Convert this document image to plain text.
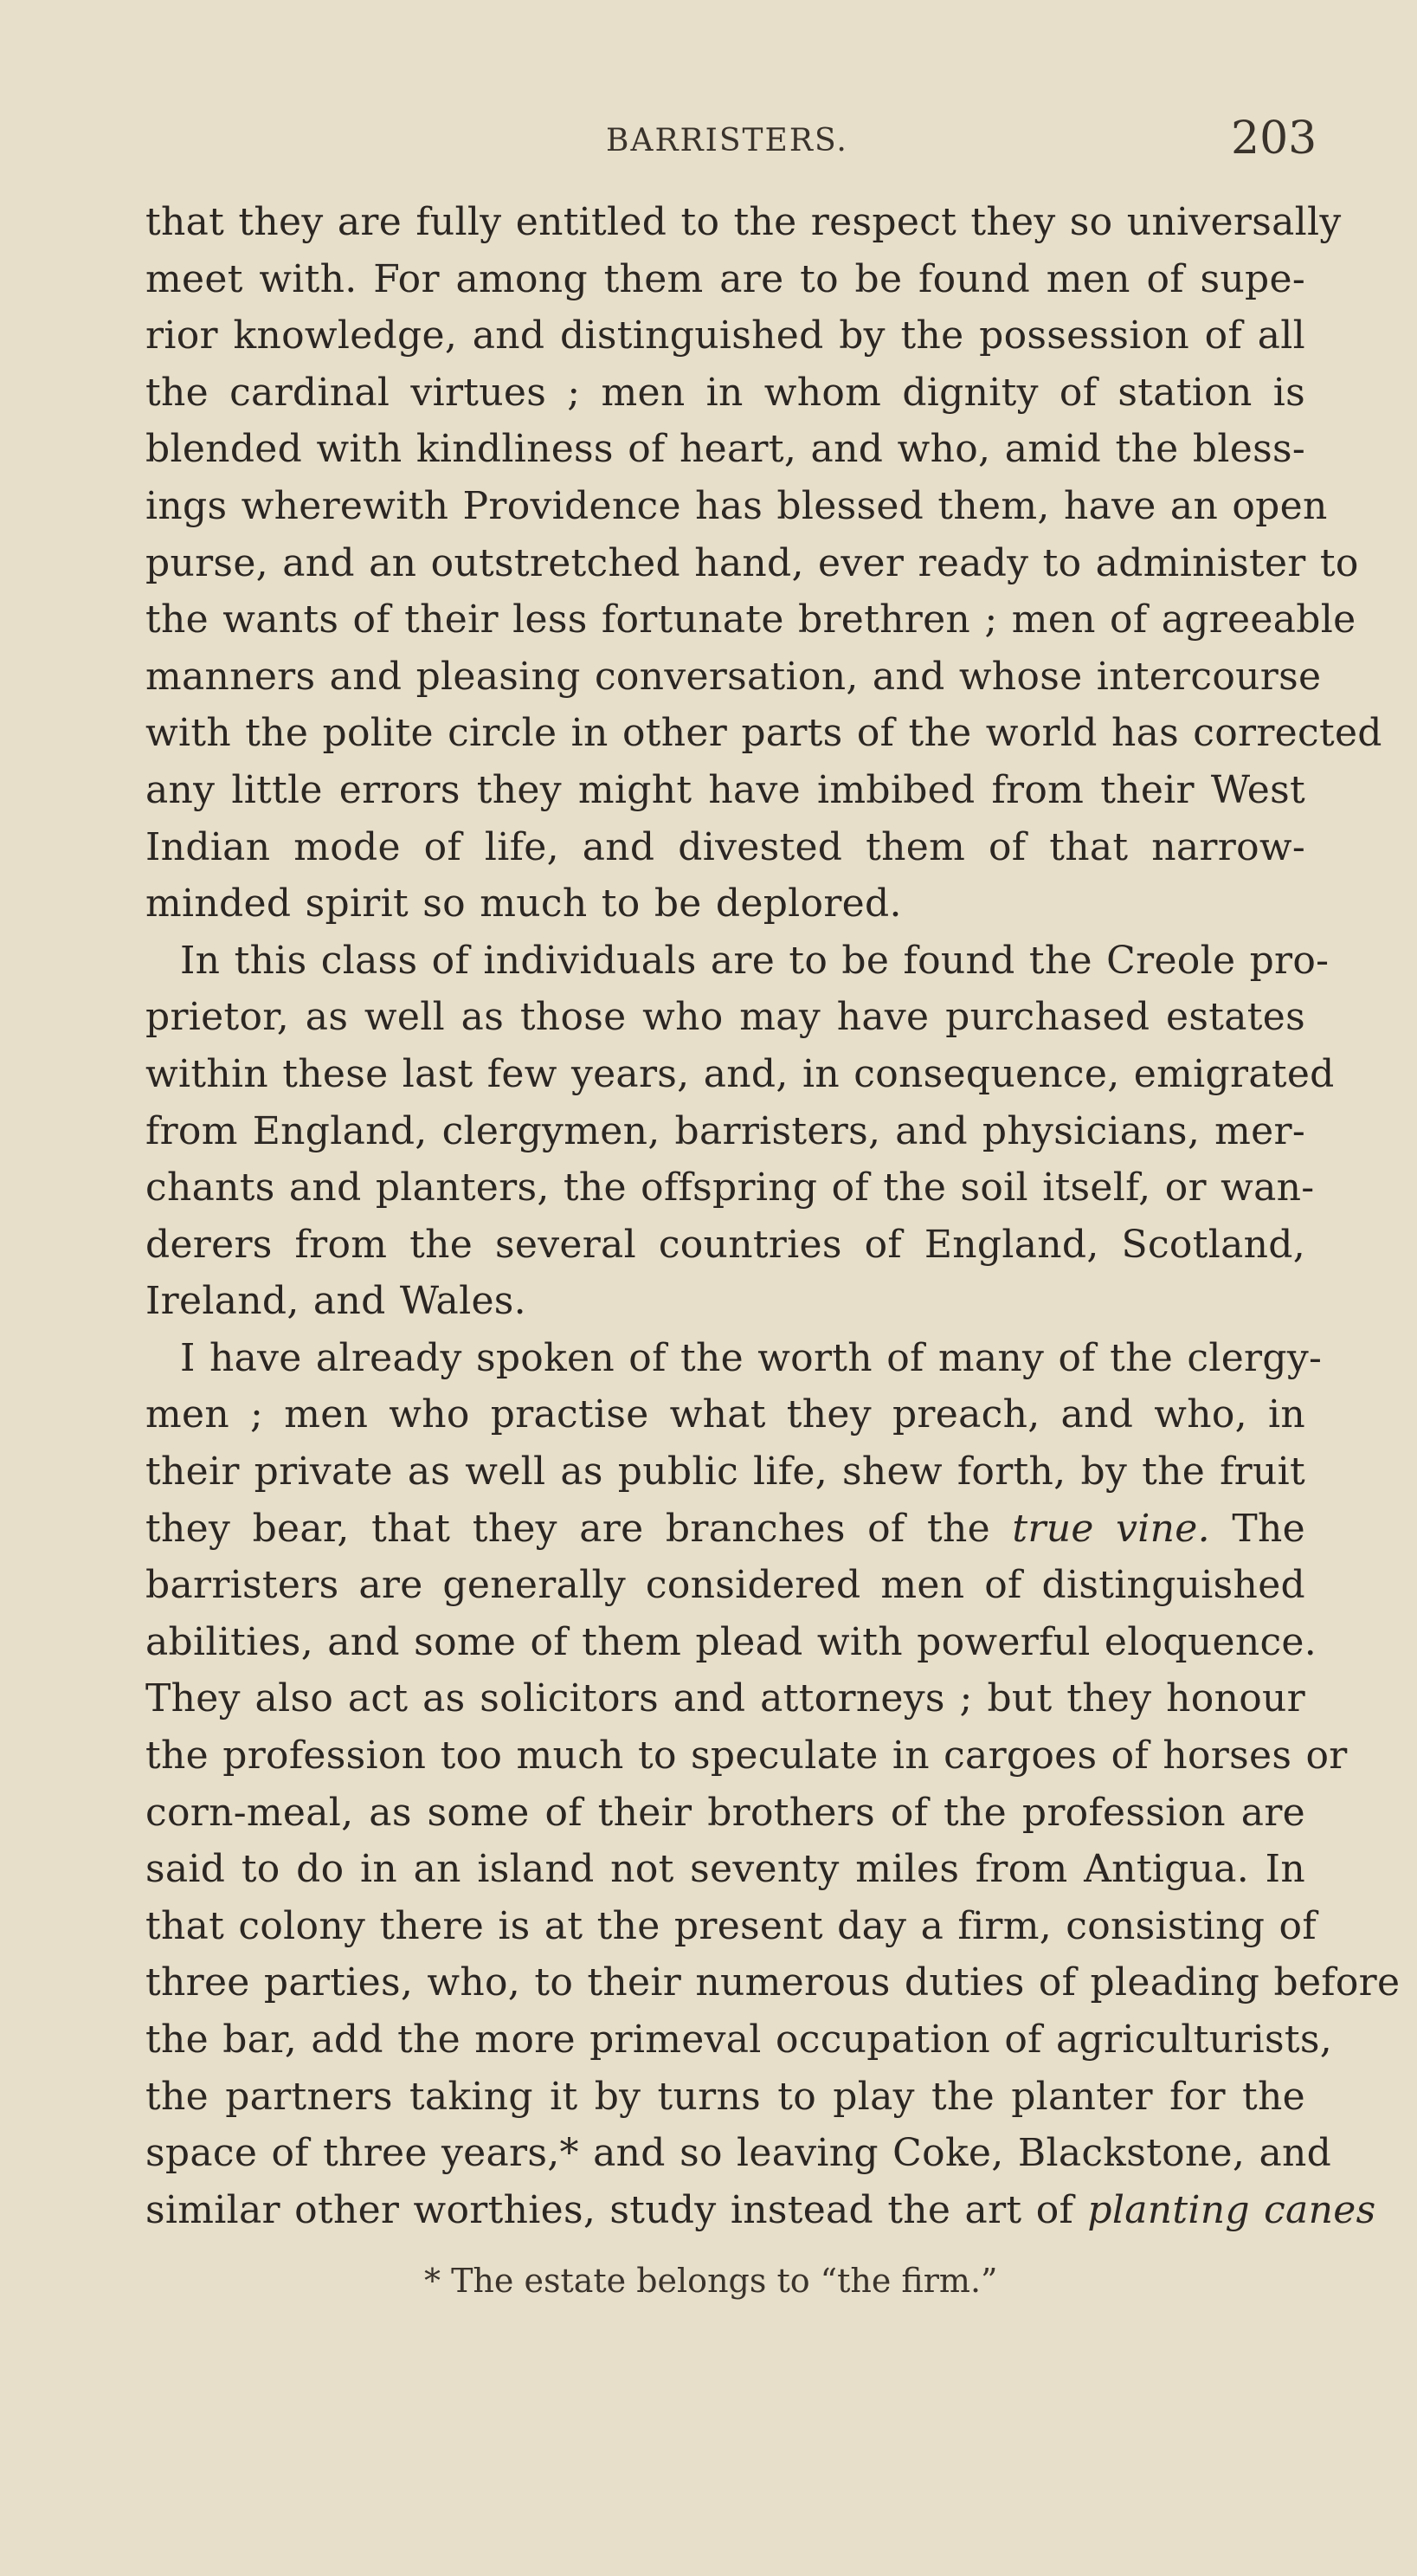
BARRISTERS.	203
that they are fully entitled to the respect they so universally
meet with. For among them are to be found men of supe-
rior knowledge, and distinguished by the possession of all
the cardinal virtues ; men in whom dignity of station is
blended with kindliness of heart, and who, amid the bless-
ings wherewith Providence has blessed them, have an open
purse, and an outstretched hand, ever ready to administer to
the wants of their less fortunate brethren ; men of agreeable
manners and pleasing conversation, and whose intercourse
with the polite circle in other parts of the world has corrected
any little errors they might have imbibed from their West
Indian mode of life, and divested them of that narrow-
minded spirit so much to be deplored.
In this class of individuals are to be found the Creole pro-
prietor, as well as those who may have purchased estates
within these last few years, and, in consequence, emigrated
from England, clergymen, barristers, and physicians, mer-
chants and planters, the offspring of the soil itself, or wan-
derers from the several countries of England, Scotland,
Ireland, and Wales.
I have already spoken of the worth of many of the clergy-
men ; men who practise what they preach, and who, in
their private as well as public life, shew forth, by the fruit
they bear, that they are branches of the true vine. The
barristers are generally considered men of distinguished
abilities, and some of them plead with powerful eloquence.
They also act as solicitors and attorneys ; but they honour
the profession too much to speculate in cargoes of horses or
corn-meal, as some of their brothers of the profession are
said to do in an island not seventy miles from Antigua. In
that colony there is at the present day a firm, consisting of
three parties, who, to their numerous duties of pleading before
the bar, add the more primeval occupation of agriculturists,
the partners taking it by turns to play the planter for the
space of three years,* and so leaving Coke, Blackstone, and
similar other worthies, study instead the art of planting canes
* The estate belongs to “the firm.”
